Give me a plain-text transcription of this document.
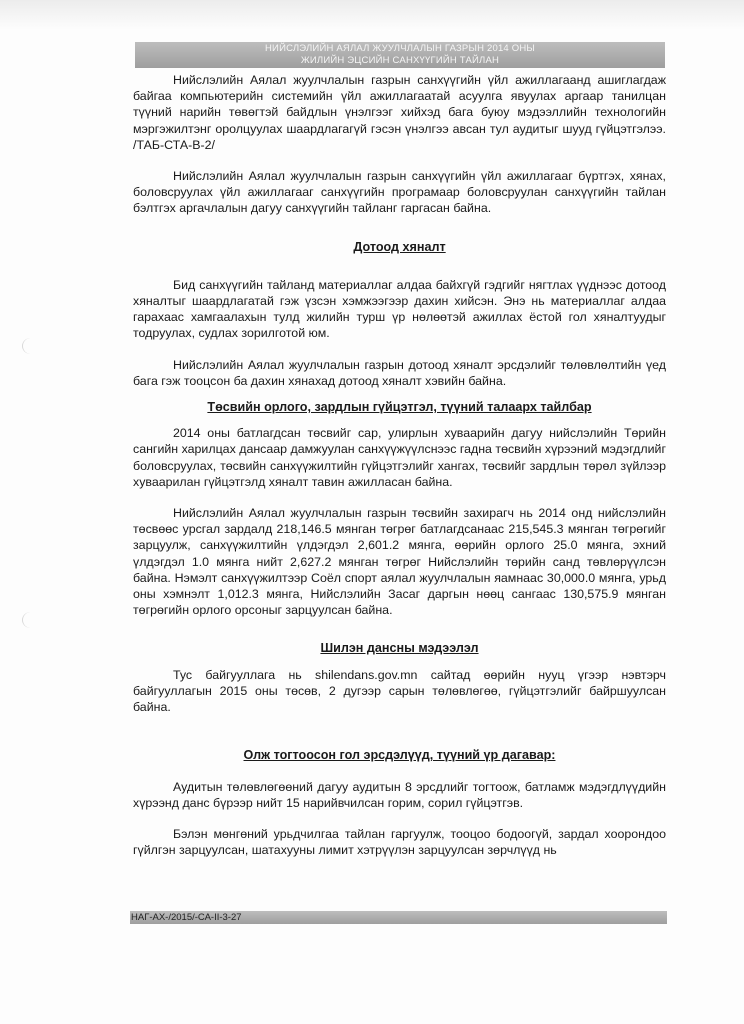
НИЙСЛЭЛИЙН АЯЛАЛ ЖУУЛЧЛАЛЫН ГАЗРЫН 2014 ОНЫ
ЖИЛИЙН ЭЦСИЙН САНХҮҮГИЙН ТАЙЛАН

Нийслэлийн Аялал жуулчлалын газрын санхүүгийн үйл ажиллагаанд ашиглагдаж байгаа компьютерийн системийн үйл ажиллагаатай асуулга явуулах аргаар танилцан түүний нарийн төвөгтэй байдлын үнэлгээг хийхэд бага буюу мэдээллийн технологийн мэргэжилтэнг оролцуулах шаардлагагүй гэсэн үнэлгээ авсан тул аудитыг шууд гүйцэтгэлээ. /ТАБ-СТА-В-2/

Нийслэлийн Аялал жуулчлалын газрын санхүүгийн үйл ажиллагааг бүртгэх, хянах, боловсруулах үйл ажиллагааг санхүүгийн програмаар боловсруулан санхүүгийн тайлан бэлтгэх аргачлалын дагуу санхүүгийн тайланг гаргасан байна.

Дотоод хяналт

Бид санхүүгийн тайланд материаллаг алдаа байхгүй гэдгийг нягтлах үүднээс дотоод хяналтыг шаардлагатай гэж үзсэн хэмжээгээр дахин хийсэн. Энэ нь материаллаг алдаа гарахаас хамгаалахын тулд жилийн турш үр нөлөөтэй ажиллах ёстой гол хяналтуудыг тодруулах, судлах зорилготой юм.

Нийслэлийн Аялал жуулчлалын газрын дотоод хяналт эрсдэлийг төлөвлөлтийн үед бага гэж тооцсон ба дахин хянахад дотоод хяналт хэвийн байна.

Төсвийн орлого, зардлын гүйцэтгэл, түүний талаарх тайлбар

2014 оны батлагдсан төсвийг сар, улирлын хуваарийн дагуу нийслэлийн Төрийн сангийн харилцах дансаар дамжуулан санхүүжүүлснээс гадна төсвийн хүрээний мэдэгдлийг боловсруулах, төсвийн санхүүжилтийн гүйцэтгэлийг хангах, төсвийг зардлын төрөл зүйлээр хуваарилан гүйцэтгэлд хяналт тавин ажилласан байна.

Нийслэлийн Аялал жуулчлалын газрын төсвийн захирагч нь 2014 онд нийслэлийн төсвөөс урсгал зардалд 218,146.5 мянган төгрөг батлагдсанаас 215,545.3 мянган төгрөгийг зарцуулж, санхүүжилтийн үлдэгдэл 2,601.2 мянга, өөрийн орлого 25.0 мянга, эхний үлдэгдэл 1.0 мянга нийт 2,627.2 мянган төгрөг Нийслэлийн төрийн санд төвлөрүүлсэн байна. Нэмэлт санхүүжилтээр Соёл спорт аялал жуулчлалын яамнаас 30,000.0 мянга, урьд оны хэмнэлт 1,012.3 мянга, Нийслэлийн Засаг даргын нөөц сангаас 130,575.9 мянган төгрөгийн орлого орсоныг зарцуулсан байна.

Шилэн дансны мэдээлэл

Тус байгууллага нь shilendans.gov.mn сайтад өөрийн нууц үгээр нэвтэрч байгууллагын 2015 оны төсөв, 2 дугээр сарын төлөвлөгөө, гүйцэтгэлийг байршуулсан байна.

Олж тогтоосон гол эрсдэлүүд, түүний үр дагавар:

Аудитын төлөвлөгөөний дагуу аудитын 8 эрсдлийг тогтоож, батламж мэдэгдлүүдийн хүрээнд данс бүрээр нийт 15 нарийвчилсан горим, сорил гүйцэтгэв.

Бэлэн мөнгөний урьдчилгаа тайлан гаргуулж, тооцоо бодоогүй, зардал хоорондоо гүйлгэн зарцуулсан, шатахууны лимит хэтрүүлэн зарцуулсан зөрчлүүд нь

НАГ-АХ-/2015/-СА-II-3-27
